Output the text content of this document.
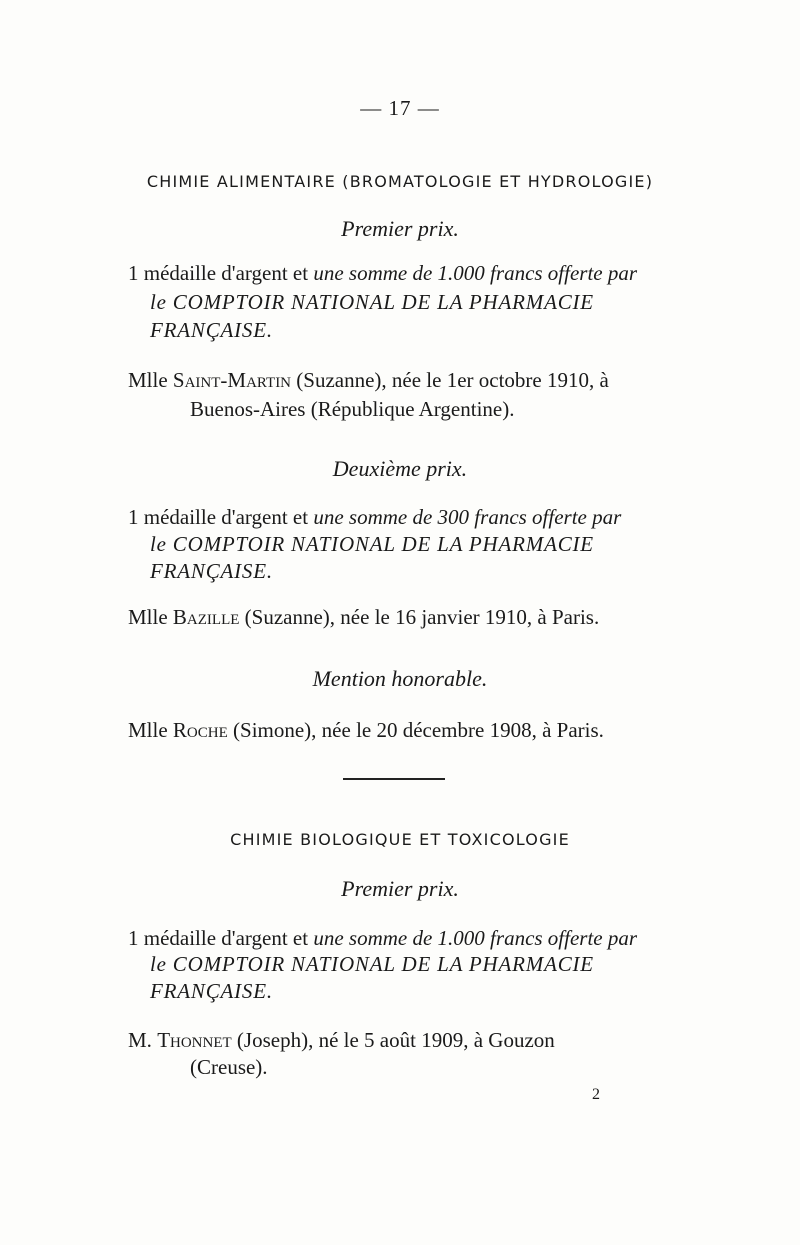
— 17 —
CHIMIE ALIMENTAIRE (BROMATOLOGIE ET HYDROLOGIE)
Premier prix.
1 médaille d'argent et une somme de 1.000 francs offerte par
le COMPTOIR NATIONAL DE LA PHARMACIE
FRANÇAISE.
Mlle Saint-Martin (Suzanne), née le 1er octobre 1910, à
Buenos-Aires (République Argentine).
Deuxième prix.
1 médaille d'argent et une somme de 300 francs offerte par
le COMPTOIR NATIONAL DE LA PHARMACIE
FRANÇAISE.
Mlle Bazille (Suzanne), née le 16 janvier 1910, à Paris.
Mention honorable.
Mlle Roche (Simone), née le 20 décembre 1908, à Paris.
CHIMIE BIOLOGIQUE ET TOXICOLOGIE
Premier prix.
1 médaille d'argent et une somme de 1.000 francs offerte par
le COMPTOIR NATIONAL DE LA PHARMACIE
FRANÇAISE.
M. Thonnet (Joseph), né le 5 août 1909, à Gouzon
(Creuse).
2
